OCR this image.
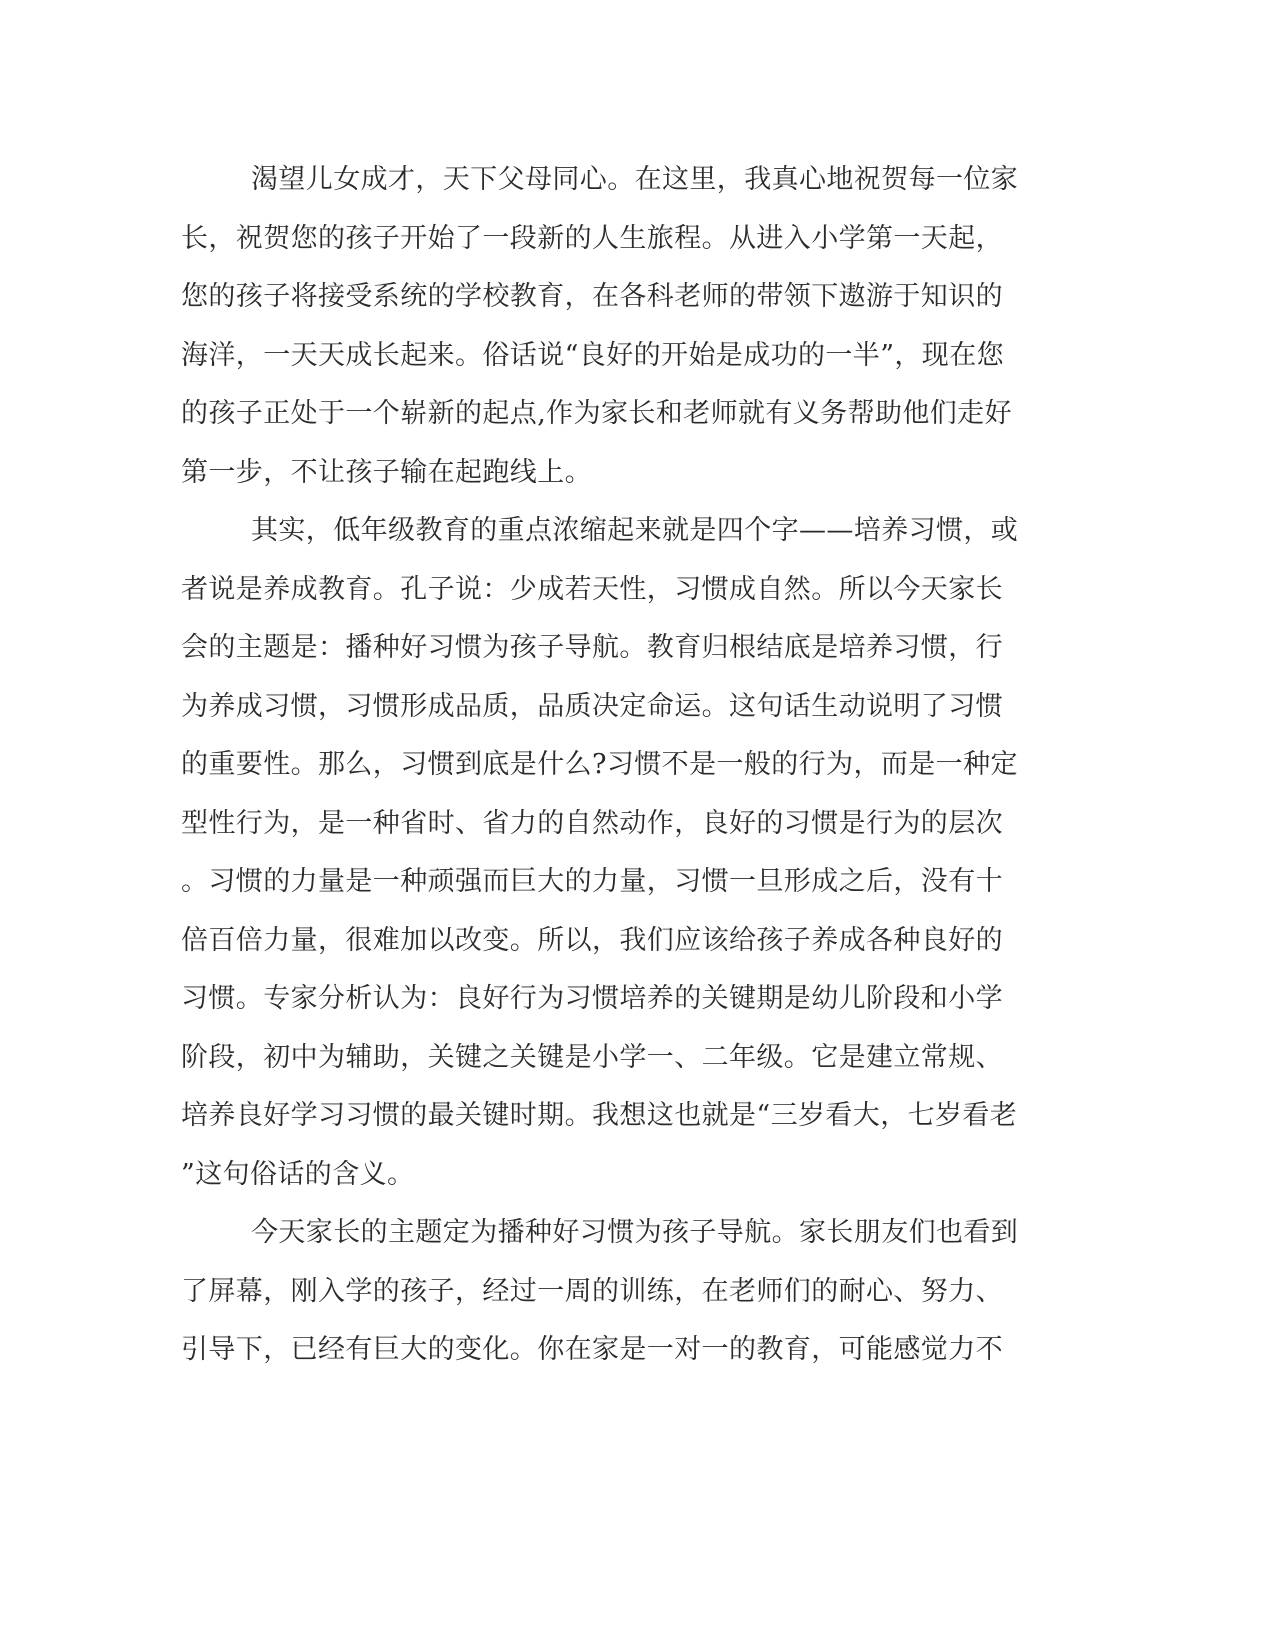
渴望儿女成才，天下父母同心。在这里，我真心地祝贺每一位家
长，祝贺您的孩子开始了一段新的人生旅程。从进入小学第一天起，
您的孩子将接受系统的学校教育，在各科老师的带领下遨游于知识的
海洋，一天天成长起来。俗话说“良好的开始是成功的一半”，现在您
的孩子正处于一个崭新的起点,作为家长和老师就有义务帮助他们走好
第一步，不让孩子输在起跑线上。
其实，低年级教育的重点浓缩起来就是四个字——培养习惯，或
者说是养成教育。孔子说：少成若天性，习惯成自然。所以今天家长
会的主题是：播种好习惯为孩子导航。教育归根结底是培养习惯，行
为养成习惯，习惯形成品质，品质决定命运。这句话生动说明了习惯
的重要性。那么，习惯到底是什么?习惯不是一般的行为，而是一种定
型性行为，是一种省时、省力的自然动作，良好的习惯是行为的层次
。习惯的力量是一种顽强而巨大的力量，习惯一旦形成之后，没有十
倍百倍力量，很难加以改变。所以，我们应该给孩子养成各种良好的
习惯。专家分析认为：良好行为习惯培养的关键期是幼儿阶段和小学
阶段，初中为辅助，关键之关键是小学一、二年级。它是建立常规、
培养良好学习习惯的最关键时期。我想这也就是“三岁看大，七岁看老
”这句俗话的含义。
今天家长的主题定为播种好习惯为孩子导航。家长朋友们也看到
了屏幕，刚入学的孩子，经过一周的训练，在老师们的耐心、努力、
引导下，已经有巨大的变化。你在家是一对一的教育，可能感觉力不
